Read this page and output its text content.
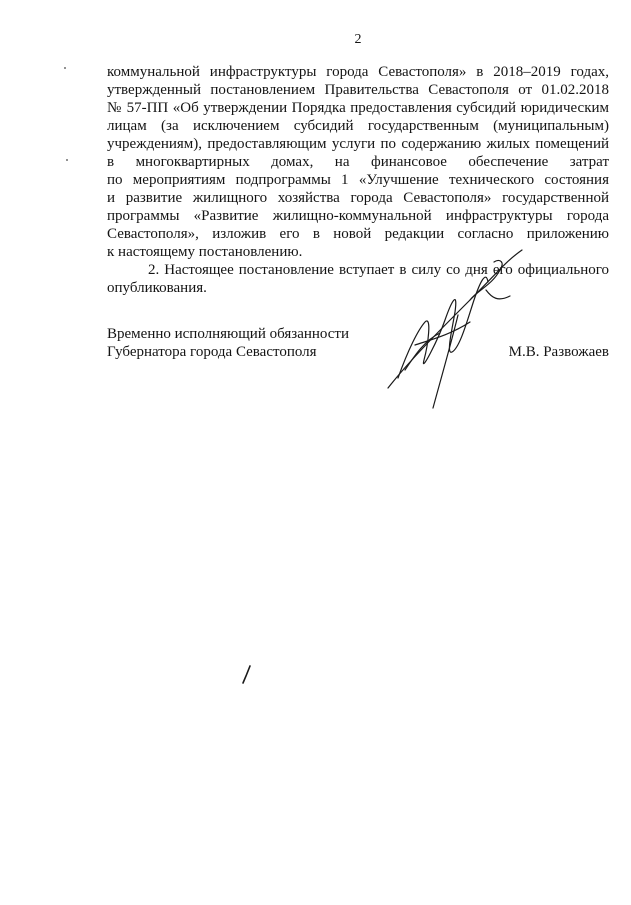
2
коммунальной инфраструктуры города Севастополя» в 2018–2019 годах,
утвержденный постановлением Правительства Севастополя от 01.02.2018
№ 57-ПП «Об утверждении Порядка предоставления субсидий юридическим
лицам (за исключением субсидий государственным (муниципальным)
учреждениям), предоставляющим услуги по содержанию жилых помещений
в многоквартирных домах, на финансовое обеспечение затрат
по мероприятиям подпрограммы 1 «Улучшение технического состояния
и развитие жилищного хозяйства города Севастополя» государственной
программы «Развитие жилищно-коммунальной инфраструктуры города
Севастополя», изложив его в новой редакции согласно приложению
к настоящему постановлению.
2. Настоящее постановление вступает в силу со дня его официального
опубликования.
Временно исполняющий обязанности
Губернатора города Севастополя	М.В. Развожаев
